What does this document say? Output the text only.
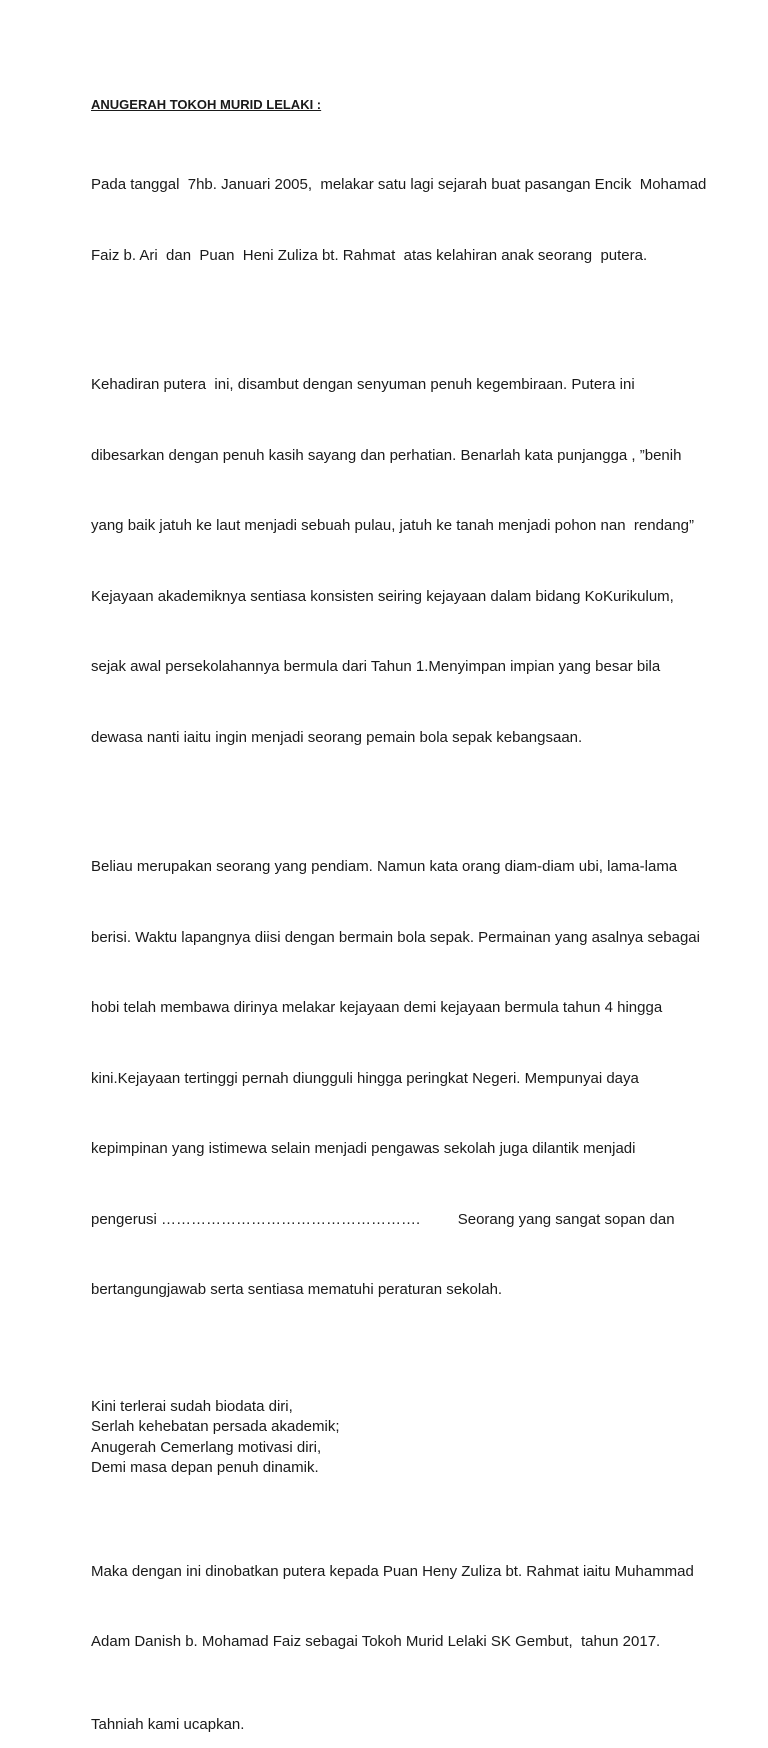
ANUGERAH TOKOH MURID LELAKI :

Pada tanggal  7hb. Januari 2005,  melakar satu lagi sejarah buat pasangan Encik  Mohamad

Faiz b. Ari  dan  Puan  Heni Zuliza bt. Rahmat  atas kelahiran anak seorang  putera.

Kehadiran putera  ini, disambut dengan senyuman penuh kegembiraan. Putera ini

dibesarkan dengan penuh kasih sayang dan perhatian. Benarlah kata punjangga , ”benih

yang baik jatuh ke laut menjadi sebuah pulau, jatuh ke tanah menjadi pohon nan  rendang”

Kejayaan akademiknya sentiasa konsisten seiring kejayaan dalam bidang KoKurikulum,

sejak awal persekolahannya bermula dari Tahun 1.Menyimpan impian yang besar bila

dewasa nanti iaitu ingin menjadi seorang pemain bola sepak kebangsaan.

Beliau merupakan seorang yang pendiam. Namun kata orang diam-diam ubi, lama-lama

berisi. Waktu lapangnya diisi dengan bermain bola sepak. Permainan yang asalnya sebagai

hobi telah membawa dirinya melakar kejayaan demi kejayaan bermula tahun 4 hingga

kini.Kejayaan tertinggi pernah diungguli hingga peringkat Negeri. Mempunyai daya

kepimpinan yang istimewa selain menjadi pengawas sekolah juga dilantik menjadi

pengerusi …………………………………………….         Seorang yang sangat sopan dan

bertangungjawab serta sentiasa mematuhi peraturan sekolah.

Kini terlerai sudah biodata diri,
Serlah kehebatan persada akademik;
Anugerah Cemerlang motivasi diri,
Demi masa depan penuh dinamik.

Maka dengan ini dinobatkan putera kepada Puan Heny Zuliza bt. Rahmat iaitu Muhammad

Adam Danish b. Mohamad Faiz sebagai Tokoh Murid Lelaki SK Gembut,  tahun 2017.

Tahniah kami ucapkan.
